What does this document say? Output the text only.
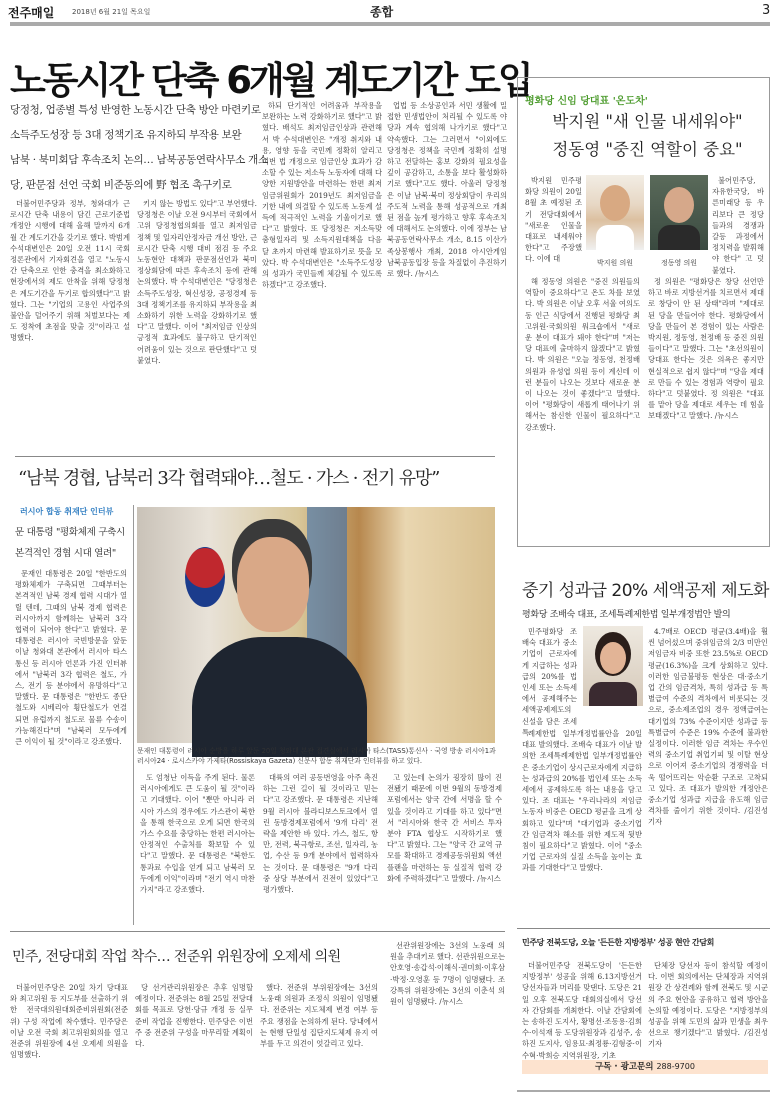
전주매일	2018년 6월 21일 목요일	종합	3
노동시간 단축 6개월 계도기간 도입
당정청, 업종별 특성 반영한 노동시간 단축 방안 마련키로
소득주도성장 등 3대 정책기조 유지하되 부작용 보완
남북 · 북미회담 후속조치 논의… 남북공동연락사무소 개소
당, 판문점 선언 국회 비준동의에 野 협조 촉구키로
더불어민주당과 정부, 청와대가 근로시간 단축 내용이 담긴 근로기준법 개정안 시행에 대해 올해 말까지 6개월 간 계도기간을 갖기로 했다. 박범계 수석대변인은 20일 오전 11시 국회 정론관에서 기자회견을 열고 "노동시간 단축으로 인한 충격을 최소화하고 현장에서의 제도 안착을 위해 당정청은 계도기간을 두기로 합의했다"고 밝혔다. 그는 "기업의 고용인 사업주의 불안을 덜어주기 위해 처벌보다는 제도 정착에 초점을 맞출 것"이라고 설명했다.
키지 않는 방법도 있다"고 부연했다. 당정청은 이날 오전 9시부터 국회에서 고위 당정청협의회를 열고 최저임금 정책 및 일자리안정자금 개선 방안, 근로시간 단축 시행 대비 점검 등 주요 노동현안 대책과 판문점선언과 북미 정상회담에 따른 후속조치 등에 관해 논의했다. 박 수석대변인은 "당정청은 소득주도성장, 혁신성장, 공정경제 등 3대 정책기조를 유지하되 부작용을 최소화하기 위한 노력을 강화하기로 했다"고 말했다. 이어 "최저임금 인상의 긍정적 효과에도 불구하고 단기적인 어려움이 있는 것으로 판단했다"고 덧붙였다.
하되 단기적인 어려움과 부작용을 보완하는 노력 강화하기로 했다"고 밝혔다. 배석도 최저임금인상과 관련해서 박 수석대변인은 "개정 취지와 내용, 영향 등을 국민께 정확히 알리고 이번 법 개정으로 임금인상 효과가 감소할 수 있는 저소득 노동자에 대해 다양한 지원방안을 마련하는 한편 최저임금위원회가 2019년도 최저임금을 기한 내에 의결할 수 있도록 노동계 설득에 적극적인 노력을 기울이기로 했다"고 밝혔다. 또 당정청은 저소득맞춤형일자리 및 소득지원대책을 다음 달 초까지 마련해 발표하기로 뜻을 모았다. 박 수석대변인은 "소득주도성장의 성과가 국민들께 체감될 수 있도록 하겠다"고 강조했다.
업법 등 소상공인과 서민 생활에 밀접한 민생법안이 처리될 수 있도록 야당과 계속 협의해 나가기로 했다"고 약속했다. 그는 그러면서 "이외에도 당정청은 정책을 국민께 정확히 설명하고 전달하는 홍보 강화의 필요성을 깊이 공감하고, 소통을 보다 활성화하기로 했다"고도 했다. 아울러 당정청은 이날 남북·북미 정상회담이 우리의 주도적 노력을 통해 성공적으로 개최된 점을 높게 평가하고 향후 후속조치에 대해서도 논의했다. 이에 정부는 남북공동연락사무소 개소, 8.15 이산가족상봉행사 개최, 2018 아시안게임 남북공동입장 등을 차질없이 추진하기로 했다. /뉴시스
평화당 신임 당대표 '온도차'
박지원 "새 인물 내세워야"
정동영 "중진 역할이 중요"
박지원 민주평화당 의원이 20일 8월 초 예정된 조기 전당대회에서 "새로운 인물을 대표로 내세워야 한다"고 주장했다. 이에 대	박지원 의원	정동영 의원
불어민주당, 자유한국당, 바른미래당 등 우리보다 큰 정당들과의 경쟁과 갈등 과정에서 정치력을 발휘해야 한다" 고 덧붙였다.
해 정동영 의원은 "중진 의원들의 역할이 중요하다"고 온도 차를 보였다. 박 의원은 이날 오후 서울 여의도동 인근 식당에서 진행된 평화당 최고위원·국회의원 워크숍에서 "새로운 분이 대표가 돼야 한다"며 "저는 당 대표에 출마하지 않겠다"고 밝혔다. 박 의원은 "오늘 정동영, 천정배 의원과 유성엽 의원 등이 계신데 이런 분들이 나오는 것보다 새로운 분이 나오는 것이 좋겠다"고 말했다. 이어 "평화당이 새롭게 태어나기 위해서는 참신한 인물이 필요하다"고 강조했다.
정 의원은 "평화당은 창당 선언만 하고 바로 지방선거를 치르면서 제대로 창당이 안 된 상태"라며 "제대로 된 당을 만들어야 한다. 평화당에서 당을 만들어 본 경험이 있는 사람은 박지원, 정동영, 천정배 등 중진 의원들이다"고 말했다. 그는 "초선의원이 당대표 한다는 것은 의욕은 좋지만 현실적으로 쉽지 않다"며 "당을 제대로 만들 수 있는 경험과 역량이 필요하다"고 덧붙였다. 정 의원은 "대표를 맡아 당을 제대로 세우는 데 힘을 보태겠다"고 말했다. /뉴시스
“남북 경협, 남북러 3각 협력돼야…철도 · 가스 · 전기 유망”
러시아 합동 취재단 인터뷰
문 대통령 "평화체제 구축시
본격적인 경협 시대 열려"
문재인 대통령은 20일 "한반도의 평화체제가 구축되면 그때부터는 본격적인 남북 경제 협력 시대가 열릴 텐데, 그때의 남북 경제 협력은 러시아까지 함께하는 남북러 3각 협력이 되어야 한다"고 밝혔다. 문 대통령은 러시아 국빈방문을 앞둔 이날 청와대 본관에서 러시아 타스통신 등 러시아 언론과 가진 인터뷰에서 "남북러 3각 협력은 철도, 가스, 전기 등 분야에서 유망하다"고 말했다. 문 대통령은 "한반도 종단철도와 시베리아 횡단철도가 연결되면 유럽까지 철도로 물류 수송이 가능해진다"며 "남북러 모두에게 큰 이익이 될 것"이라고 강조했다.
문재인 대통령이 러시아 순방을 하루 앞둔 20일 청와대 본관 접견실에서 러시아 타스(TASS)통신사 · 국영 방송 러시아1과 러시아24 · 로시스카야 가제타(Rossiskaya Gazeta) 신문사 합동 취재단과 인터뷰를 하고 있다.
도 엄청난 이득을 주게 된다. 물론 러시아에게도 큰 도움이 될 것"이라고 기대했다. 이어 "뿐만 아니라 러시아 가스의 경우에도 가스관이 북한을 통해 한국으로 오게 되면 한국의 가스 수요를 충당하는 한편 러시아는 안정적인 수출처를 확보할 수 있다"고 말했다. 문 대통령은 "북한도 통과료 수입을 얻게 되고 남북러 모두에게 이익"이라며 "전기 역시 마찬가지"라고 강조했다.
대륙의 여러 공동번영을 아주 촉진하는 그런 길이 될 것이라고 믿는다"고 강조했다. 문 대통령은 지난해 9월 러시아 블라디보스토크에서 열린 동방경제포럼에서 '9개 다리' 전략을 제안한 바 있다. 가스, 철도, 항만, 전력, 북극항로, 조선, 일자리, 농업, 수산 등 9개 분야에서 협력하자는 것이다. 문 대통령은 "9개 다리 중 상당 부분에서 진전이 있었다"고 평가했다.
고 있는데 논의가 굉장히 많이 진전됐기 때문에 이번 9월의 동방경제포럼에서는 양국 간에 서명을 할 수 있을 것이라고 기대를 하고 있다"면서 "러시아와 한국 간 서비스 투자 분야 FTA 협상도 시작하기로 했다"고 밝혔다. 그는 "양국 간 교역 규모를 확대하고 경제공동위원회 액션플랜을 마련하는 등 실질적 협력 강화에 주력하겠다"고 말했다. /뉴시스
중기 성과급 20% 세액공제 제도화
평화당 조배숙 대표, 조세특례제한법 일부개정법안 발의
민주평화당 조배숙 대표가 중소기업이 근로자에게 지급하는 성과급의 20%를 법인세 또는 소득세에서 공제해주는 세액공제제도의 신설을 담은 조세특
례제한법 일부개정법률안을 20일 대표 발의했다. 조배숙 대표가 이날 발의한 조세특례제한법 일부개정법률안은 중소기업이 상시근로자에게 지급하는 성과급의 20%를 법인세 또는 소득세에서 공제하도록 하는 내용을 담고 있다. 조 대표는 "우리나라의 저임금 노동자 비중은 OECD 평균을 크게 상회하고 있다"며 "대기업과 중소기업 간 임금격차 해소를 위한 제도적 뒷받침이 필요하다"고 밝혔다. 이어 "중소기업 근로자의 실질 소득을 높이는 효과를 기대한다"고 말했다.
4.7배로 OECD 평균(3.4배)을 훨씬 넘어섰으며 중위임금의 2/3 미만인 저임금자 비중 또한 23.5%로 OECD 평균(16.3%)을 크게 상회하고 있다. 이러한 임금불평등 현상은 대·중소기업 간의 임금격차, 특히 성과급 등 특별급여 수준의 격차에서 비롯되는 것으로, 중소제조업의 경우 정액급여는 대기업의 73% 수준이지만 성과급 등 특별급여 수준은 19% 수준에 불과한 실정이다. 이러한 임금 격차는 우수인력의 중소기업 취업기피 및 이탈 현상으로 이어져 중소기업의 경쟁력을 더욱 떨어뜨리는 악순환 구조로 고착되고 있다. 조 대표가 발의한 개정안은 중소기업 성과급 지급을 유도해 임금격차를 줄이기 위한 것이다. /김진성 기자
민주, 전당대회 작업 착수… 전준위 위원장에 오제세 의원
더불어민주당은 20일 차기 당대표와 최고위원 등 지도부를 선출하기 위한 전국대의원대회준비위원회(전준위) 구성 작업에 착수했다. 민주당은 이날 오전 국회 최고위원회의를 열고 전준위 위원장에 4선 오제세 의원을 임명했다.
당 선거관리위원장은 추후 임명할 예정이다. 전준위는 8월 25일 전당대회를 목표로 당헌·당규 개정 등 실무 준비 작업을 진행한다. 민주당은 이번 주 중 전준위 구성을 마무리할 계획이다.
했다. 전준위 부위원장에는 3선의 노웅래 의원과 조정식 의원이 임명됐다. 전준위는 지도체제 변경 여부 등 주요 쟁점을 논의하게 된다. 당내에서는 현행 단일성 집단지도체제 유지 여부를 두고 의견이 엇갈리고 있다.
선관위원장에는 3선의 노웅래 의원을 추대키로 했다. 선관위원으로는 안호영·송갑석·이해식·권미희·이후삼·박정·오영훈 등 7명이 임명됐다. 조강특위 위원장에는 3선의 이춘석 의원이 임명됐다. /뉴시스
민주당 전북도당, 오늘 '든든한 지방정부' 성공 현안 간담회
더불어민주당 전북도당이 '든든한 지방정부' 성공을 위해 6.13지방선거 당선자들과 머리를 맞댄다. 도당은 21일 오후 전북도당 대회의실에서 당선자 간담회를 개최한다. 이날 간담회에는 송하진 도지사, 황명선·조동용·김희수·이석재 등 도당위원장과 김성주, 송하진 도지사, 임용묘·최정룡·김형중·이수혁·박희승 지역위원장, 기초
단체장 당선자 등이 참석할 예정이다. 이번 회의에서는 단체장과 지역위원장 간 상견례와 함께 전북도 및 시군의 주요 현안을 공유하고 협력 방안을 논의할 예정이다. 도당은 "지방정부의 성공을 위해 도민의 삶과 민생을 최우선으로 챙기겠다"고 밝혔다. /김진성 기자
구독 · 광고문의 288-9700
